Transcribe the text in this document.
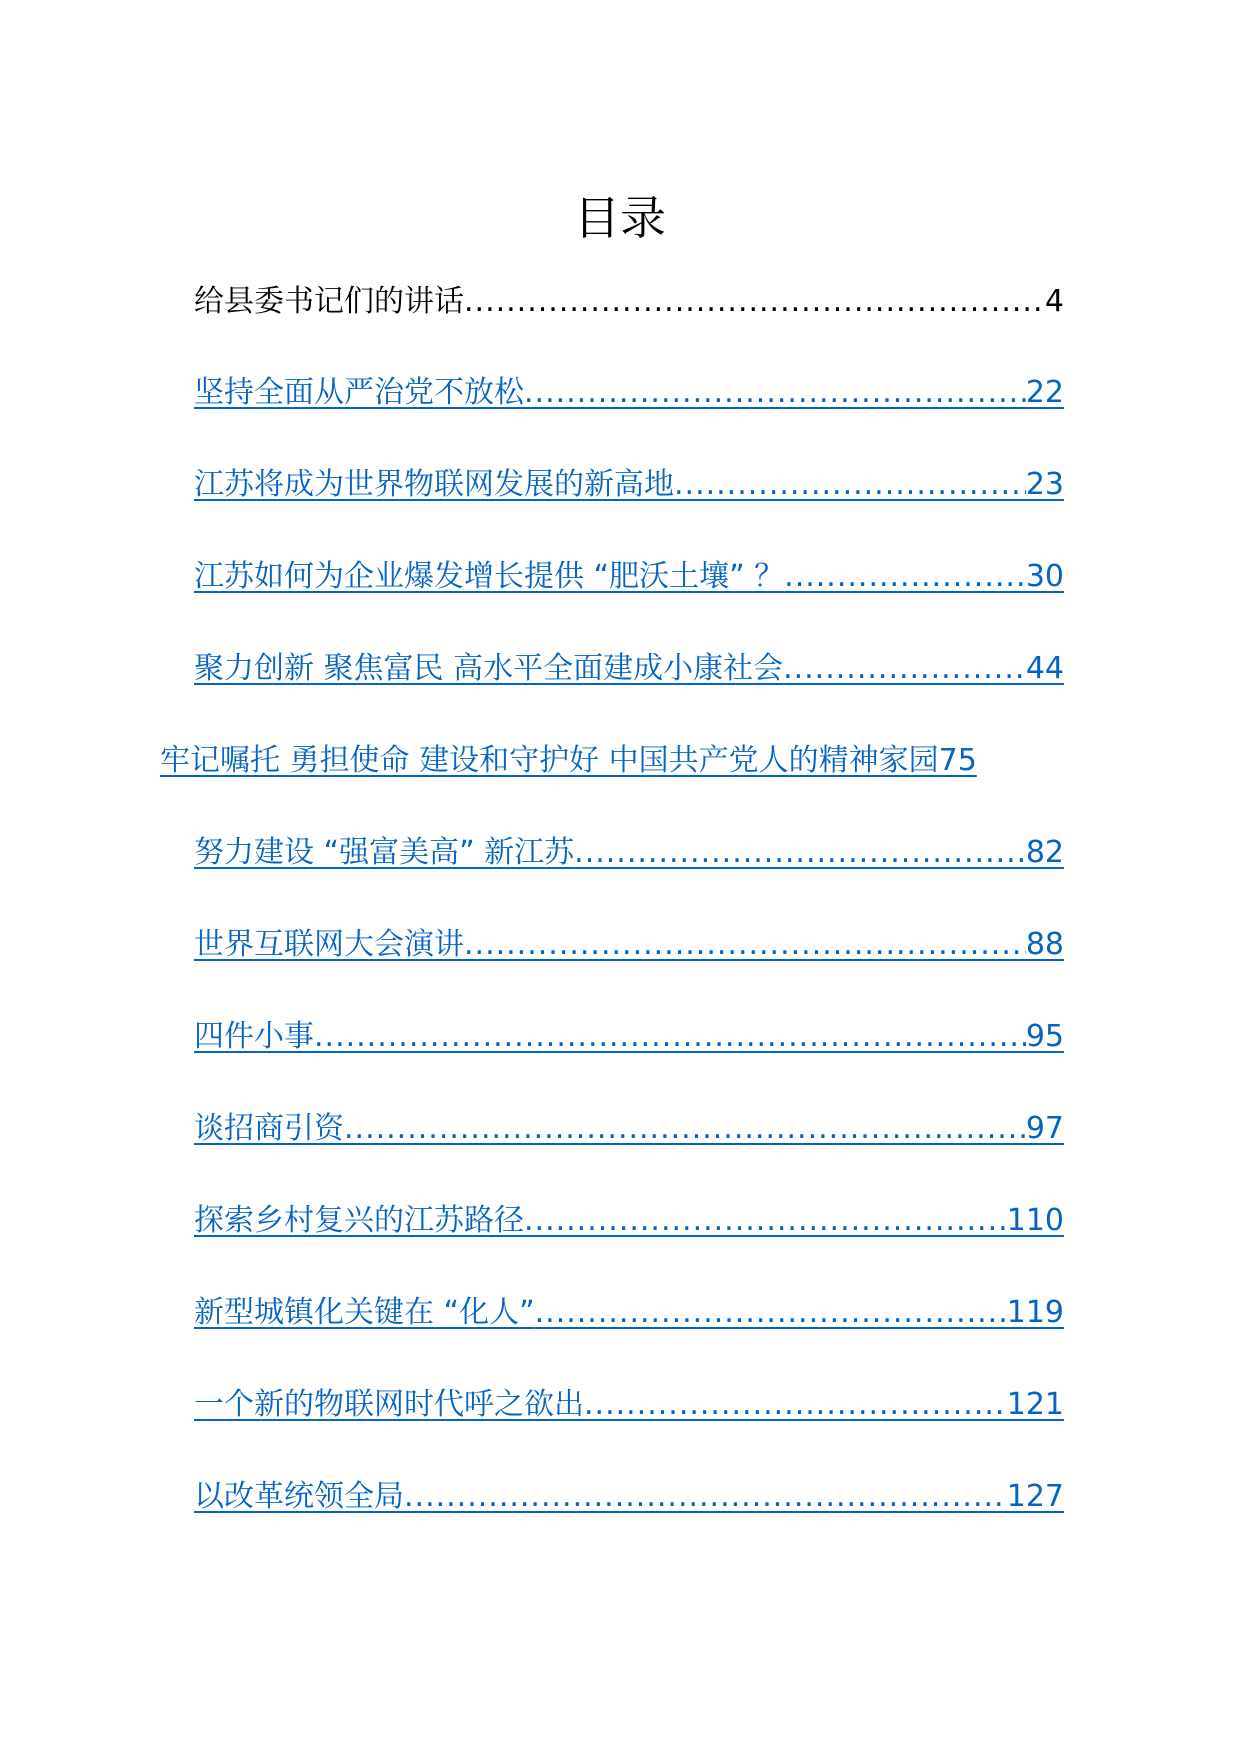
目录
给县委书记们的讲话 .....	4
坚持全面从严治党不放松 .....	22
江苏将成为世界物联网发展的新高地 .....	23
江苏如何为企业爆发增长提供 “肥沃土壤” ？ .....	30
聚力创新 聚焦富民 高水平全面建成小康社会 .....	44
牢记嘱托 勇担使命 建设和守护好 中国共产党人的精神家园 75
努力建设 “强富美高” 新江苏 .....	82
世界互联网大会演讲 .....	88
四件小事 .....	95
谈招商引资 .....	97
探索乡村复兴的江苏路径 .....	110
新型城镇化关键在 “化人” .....	119
一个新的物联网时代呼之欲出 .....	121
以改革统领全局 .....	127
